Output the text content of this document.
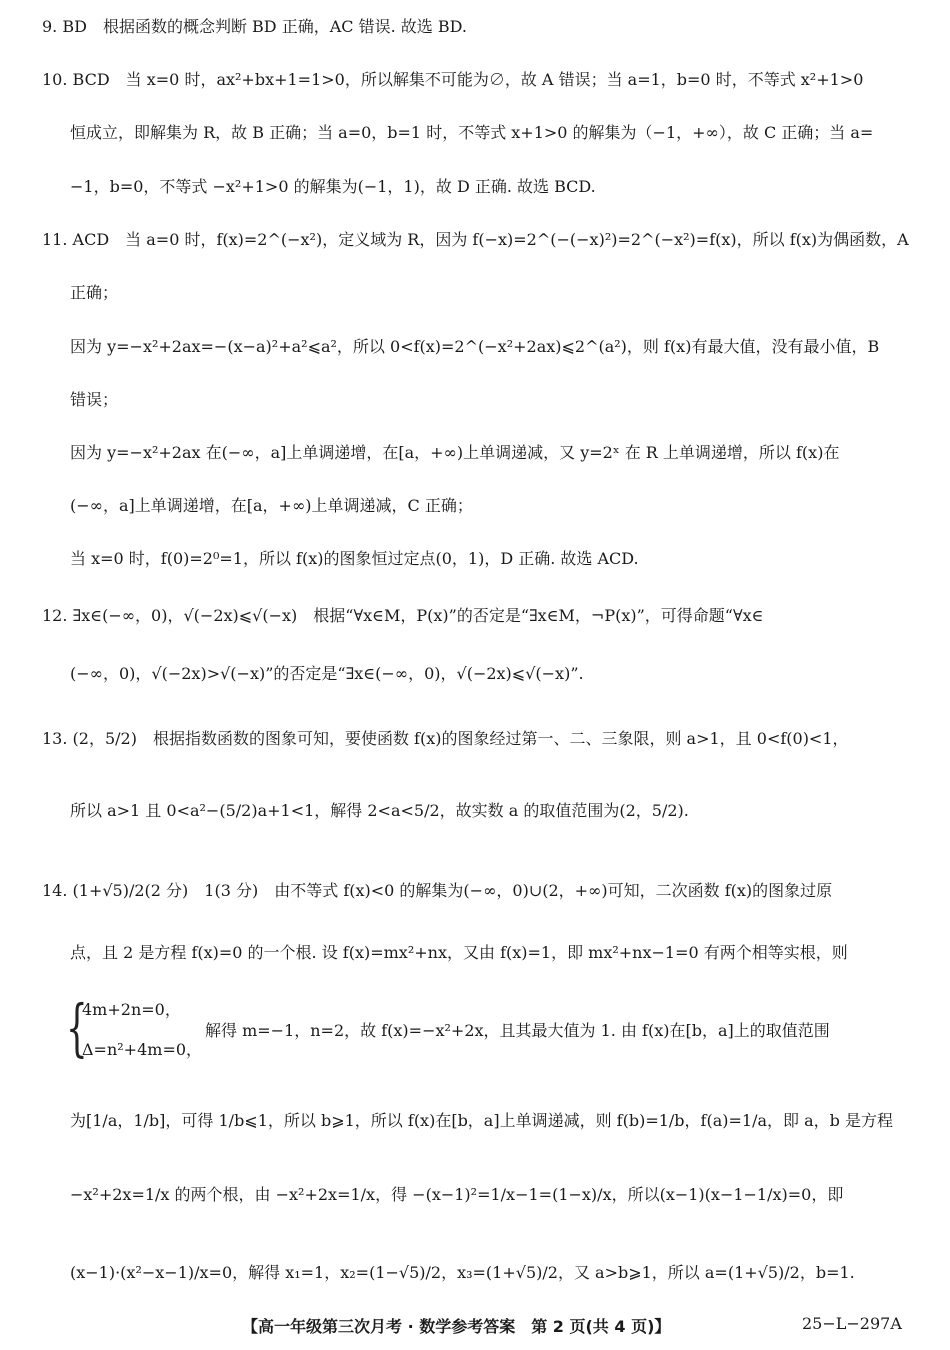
9. BD　根据函数的概念判断 BD 正确，AC 错误. 故选 BD.
10. BCD　当 x=0 时，ax²+bx+1=1>0，所以解集不可能为∅，故 A 错误；当 a=1，b=0 时，不等式 x²+1>0
恒成立，即解集为 R，故 B 正确；当 a=0，b=1 时，不等式 x+1>0 的解集为（−1，+∞），故 C 正确；当 a=
−1，b=0，不等式 −x²+1>0 的解集为(−1，1)，故 D 正确. 故选 BCD.
11. ACD　当 a=0 时，f(x)=2^(−x²)，定义域为 R，因为 f(−x)=2^(−(−x)²)=2^(−x²)=f(x)，所以 f(x)为偶函数，A
正确；
因为 y=−x²+2ax=−(x−a)²+a²⩽a²，所以 0<f(x)=2^(−x²+2ax)⩽2^(a²)，则 f(x)有最大值，没有最小值，B
错误；
因为 y=−x²+2ax 在(−∞，a]上单调递增，在[a，+∞)上单调递减，又 y=2ˣ 在 R 上单调递增，所以 f(x)在
(−∞，a]上单调递增，在[a，+∞)上单调递减，C 正确；
当 x=0 时，f(0)=2⁰=1，所以 f(x)的图象恒过定点(0，1)，D 正确. 故选 ACD.
12. ∃x∈(−∞，0)，√(−2x)⩽√(−x)　根据“∀x∈M，P(x)”的否定是“∃x∈M，¬P(x)”，可得命题“∀x∈
(−∞，0)，√(−2x)>√(−x)”的否定是“∃x∈(−∞，0)，√(−2x)⩽√(−x)”.
13. (2，5/2)　根据指数函数的图象可知，要使函数 f(x)的图象经过第一、二、三象限，则 a>1，且 0<f(0)<1，
所以 a>1 且 0<a²−(5/2)a+1<1，解得 2<a<5/2，故实数 a 的取值范围为(2，5/2).
14. (1+√5)/2(2 分)　1(3 分)　由不等式 f(x)<0 的解集为(−∞，0)∪(2，+∞)可知，二次函数 f(x)的图象过原
点，且 2 是方程 f(x)=0 的一个根. 设 f(x)=mx²+nx，又由 f(x)=1，即 mx²+nx−1=0 有两个相等实根，则
{
4m+2n=0，
Δ=n²+4m=0，
解得 m=−1，n=2，故 f(x)=−x²+2x，且其最大值为 1. 由 f(x)在[b，a]上的取值范围
为[1/a，1/b]，可得 1/b⩽1，所以 b⩾1，所以 f(x)在[b，a]上单调递减，则 f(b)=1/b，f(a)=1/a，即 a，b 是方程
−x²+2x=1/x 的两个根，由 −x²+2x=1/x，得 −(x−1)²=1/x−1=(1−x)/x，所以(x−1)(x−1−1/x)=0，即
(x−1)·(x²−x−1)/x=0，解得 x₁=1，x₂=(1−√5)/2，x₃=(1+√5)/2，又 a>b⩾1，所以 a=(1+√5)/2，b=1.
【高一年级第三次月考 · 数学参考答案　第 2 页(共 4 页)】	25−L−297A
